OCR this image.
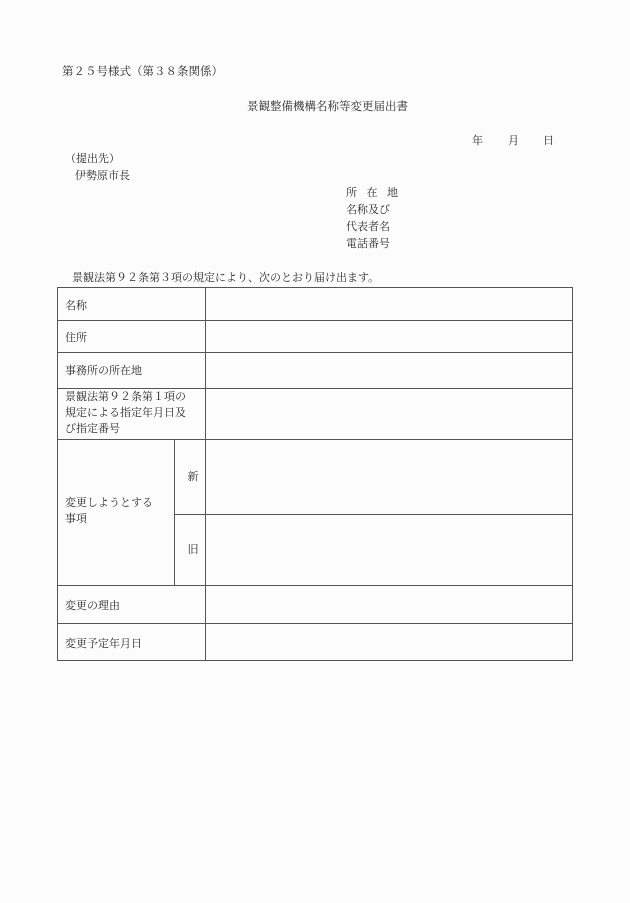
第２５号様式（第３８条関係）
景観整備機構名称等変更届出書
年 月 日
（提出先）
伊勢原市長
所 在 地
名称及び
代表者名
電話番号
景観法第９２条第３項の規定により、次のとおり届け出ます。
名称
住所
事務所の所在地
景観法第９２条第１項の
規定による指定年月日及
び指定番号
変更しようとする
事項
新
旧
変更の理由
変更予定年月日
